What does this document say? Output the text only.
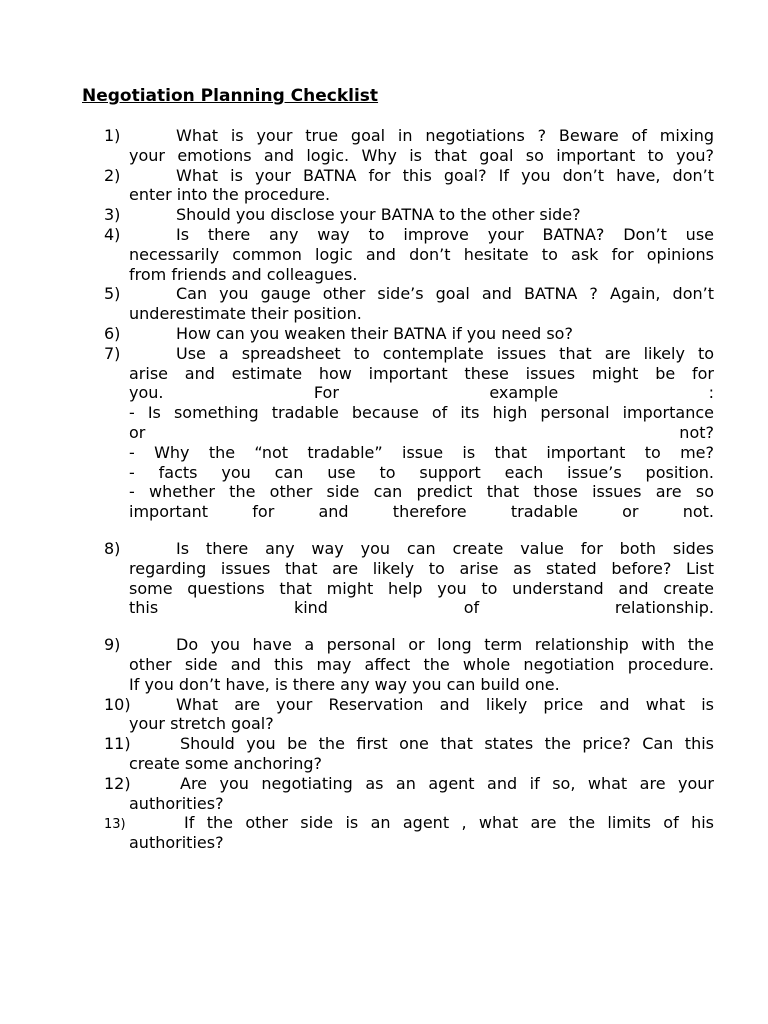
Negotiation Planning Checklist
1)	What is your true goal in negotiations ? Beware of mixing
your emotions and logic. Why is that goal so important to you?
2)	What is your BATNA for this goal? If you don’t have, don’t
enter into the procedure.
3)	Should you disclose your BATNA to the other side?
4)	Is there any way to improve your BATNA? Don’t use
necessarily common logic and don’t hesitate to ask for opinions
from friends and colleagues.
5)	Can you gauge other side’s goal and BATNA ? Again, don’t
underestimate their position.
6)	How can you weaken their BATNA if you need so?
7)	Use a spreadsheet to contemplate issues that are likely to
arise and estimate how important these issues might be for
you. For example :
- Is something tradable because of its high personal importance
or not?
- Why the “not tradable” issue is that important to me?
- facts you can use to support each issue’s position.
- whether the other side can predict that those issues are so
important for and therefore tradable or not.
8)	Is there any way you can create value for both sides
regarding issues that are likely to arise as stated before? List
some questions that might help you to understand and create
this kind of relationship.
9)	Do you have a personal or long term relationship with the
other side and this may affect the whole negotiation procedure.
If you don’t have, is there any way you can build one.
10)	What are your Reservation and likely price and what is
your stretch goal?
11)	Should you be the first one that states the price? Can this
create some anchoring?
12)	Are you negotiating as an agent and if so, what are your
authorities?
13)	If the other side is an agent , what are the limits of his
authorities?
